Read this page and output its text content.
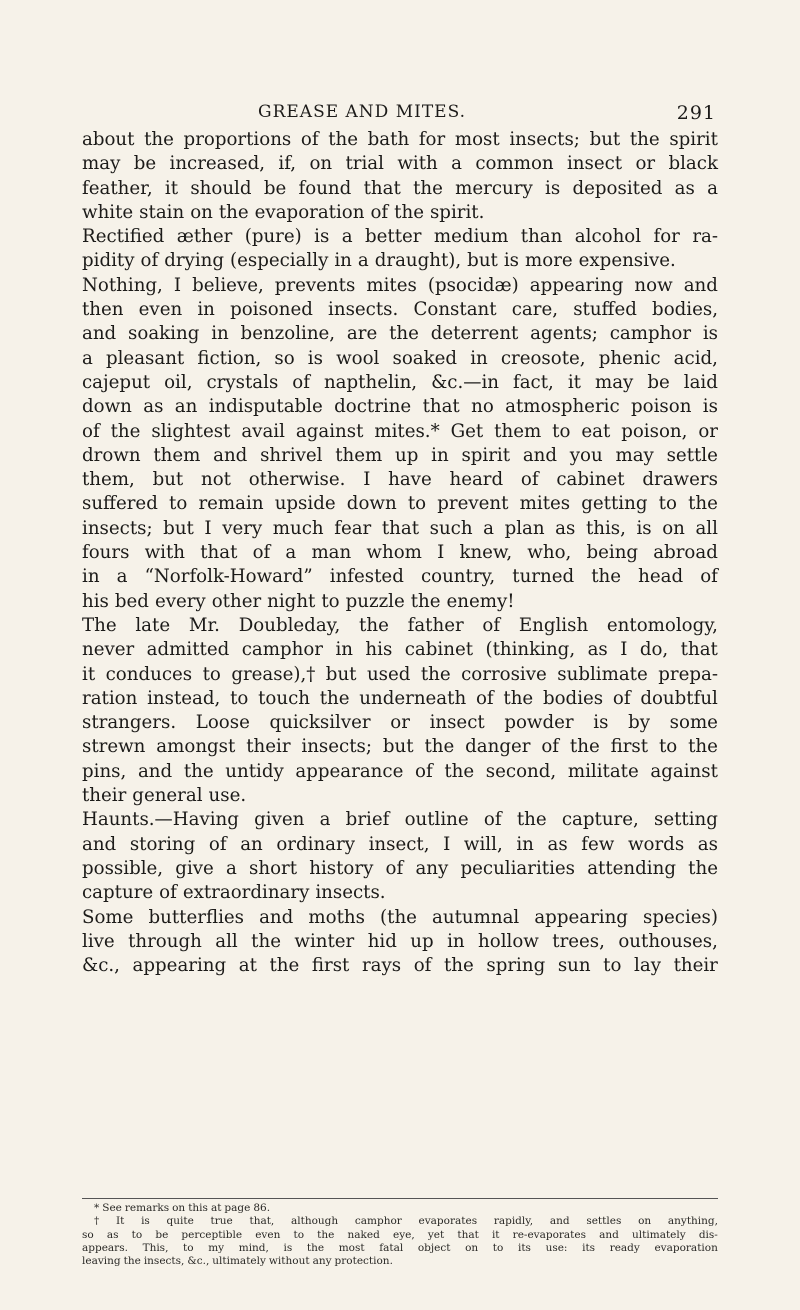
GREASE AND MITES.	291
about the proportions of the bath for most insects; but the spirit
may be increased, if, on trial with a common insect or black
feather, it should be found that the mercury is deposited as a
white stain on the evaporation of the spirit.
Rectified æther (pure) is a better medium than alcohol for ra-
pidity of drying (especially in a draught), but is more expensive.
Nothing, I believe, prevents mites (psocidæ) appearing now and
then even in poisoned insects. Constant care, stuffed bodies,
and soaking in benzoline, are the deterrent agents; camphor is
a pleasant fiction, so is wool soaked in creosote, phenic acid,
cajeput oil, crystals of napthelin, &c.—in fact, it may be laid
down as an indisputable doctrine that no atmospheric poison is
of the slightest avail against mites.* Get them to eat poison, or
drown them and shrivel them up in spirit and you may settle
them, but not otherwise. I have heard of cabinet drawers
suffered to remain upside down to prevent mites getting to the
insects; but I very much fear that such a plan as this, is on all
fours with that of a man whom I knew, who, being abroad
in a “Norfolk-Howard” infested country, turned the head of
his bed every other night to puzzle the enemy!
The late Mr. Doubleday, the father of English entomology,
never admitted camphor in his cabinet (thinking, as I do, that
it conduces to grease),† but used the corrosive sublimate prepa-
ration instead, to touch the underneath of the bodies of doubtful
strangers. Loose quicksilver or insect powder is by some
strewn amongst their insects; but the danger of the first to the
pins, and the untidy appearance of the second, militate against
their general use.
Haunts.—Having given a brief outline of the capture, setting
and storing of an ordinary insect, I will, in as few words as
possible, give a short history of any peculiarities attending the
capture of extraordinary insects.
Some butterflies and moths (the autumnal appearing species)
live through all the winter hid up in hollow trees, outhouses,
&c., appearing at the first rays of the spring sun to lay their
* See remarks on this at page 86.
† It is quite true that, although camphor evaporates rapidly, and settles on anything,
so as to be perceptible even to the naked eye, yet that it re-evaporates and ultimately dis-
appears. This, to my mind, is the most fatal object on to its use: its ready evaporation
leaving the insects, &c., ultimately without any protection.
